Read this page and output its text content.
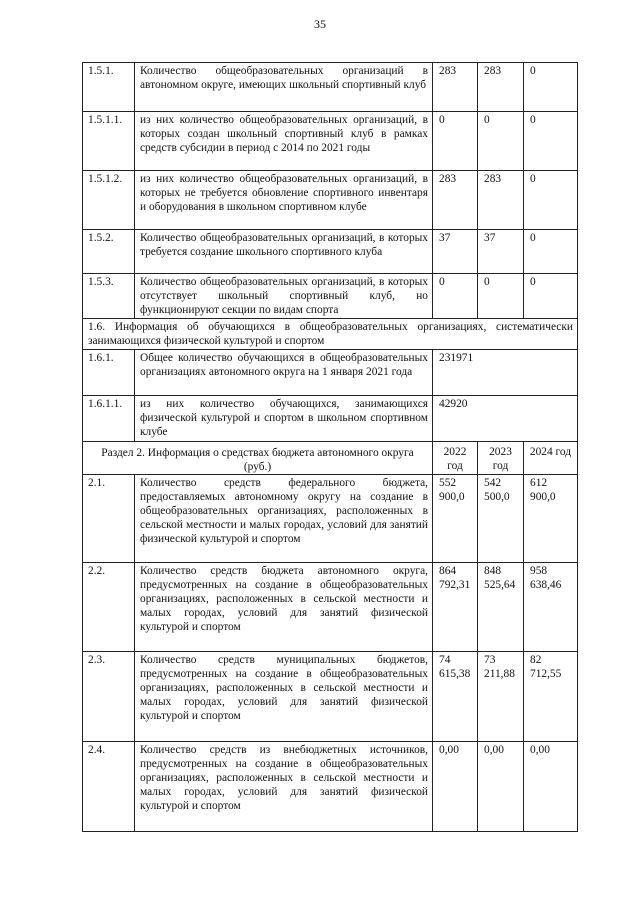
35
1.5.1.	Количество общеобразовательных организаций в автономном округе, имеющих школьный спортивный клуб	283	283	0
1.5.1.1.	из них количество общеобразовательных организаций, в которых создан школьный спортивный клуб в рамках средств субсидии в период с 2014 по 2021 годы	0	0	0
1.5.1.2.	из них количество общеобразовательных организаций, в которых не требуется обновление спортивного инвентаря и оборудования в школьном спортивном клубе	283	283	0
1.5.2.	Количество общеобразовательных организаций, в которых требуется создание школьного спортивного клуба	37	37	0
1.5.3.	Количество общеобразовательных организаций, в которых отсутствует школьный спортивный клуб, но функционируют секции по видам спорта	0	0	0
1.6. Информация об обучающихся в общеобразовательных организациях, систематически занимающихся физической культурой и спортом				
1.6.1.	Общее количество обучающихся в общеобразовательных организациях автономного округа на 1 января 2021 года	231971		
1.6.1.1.	из них количество обучающихся, занимающихся физической культурой и спортом в школьном спортивном клубе	42920		
Раздел 2. Информация о средствах бюджета автономного округа (руб.)		2022 год	2023 год	2024 год
2.1.	Количество средств федерального бюджета, предоставляемых автономному округу на создание в общеобразовательных организациях, расположенных в сельской местности и малых городах, условий для занятий физической культурой и спортом	552 900,0	542 500,0	612 900,0
2.2.	Количество средств бюджета автономного округа, предусмотренных на создание в общеобразовательных организациях, расположенных в сельской местности и малых городах, условий для занятий физической культурой и спортом	864 792,31	848 525,64	958 638,46
2.3.	Количество средств муниципальных бюджетов, предусмотренных на создание в общеобразовательных организациях, расположенных в сельской местности и малых городах, условий для занятий физической культурой и спортом	74 615,38	73 211,88	82 712,55
2.4.	Количество средств из внебюджетных источников, предусмотренных на создание в общеобразовательных организациях, расположенных в сельской местности и малых городах, условий для занятий физической культурой и спортом	0,00	0,00	0,00
